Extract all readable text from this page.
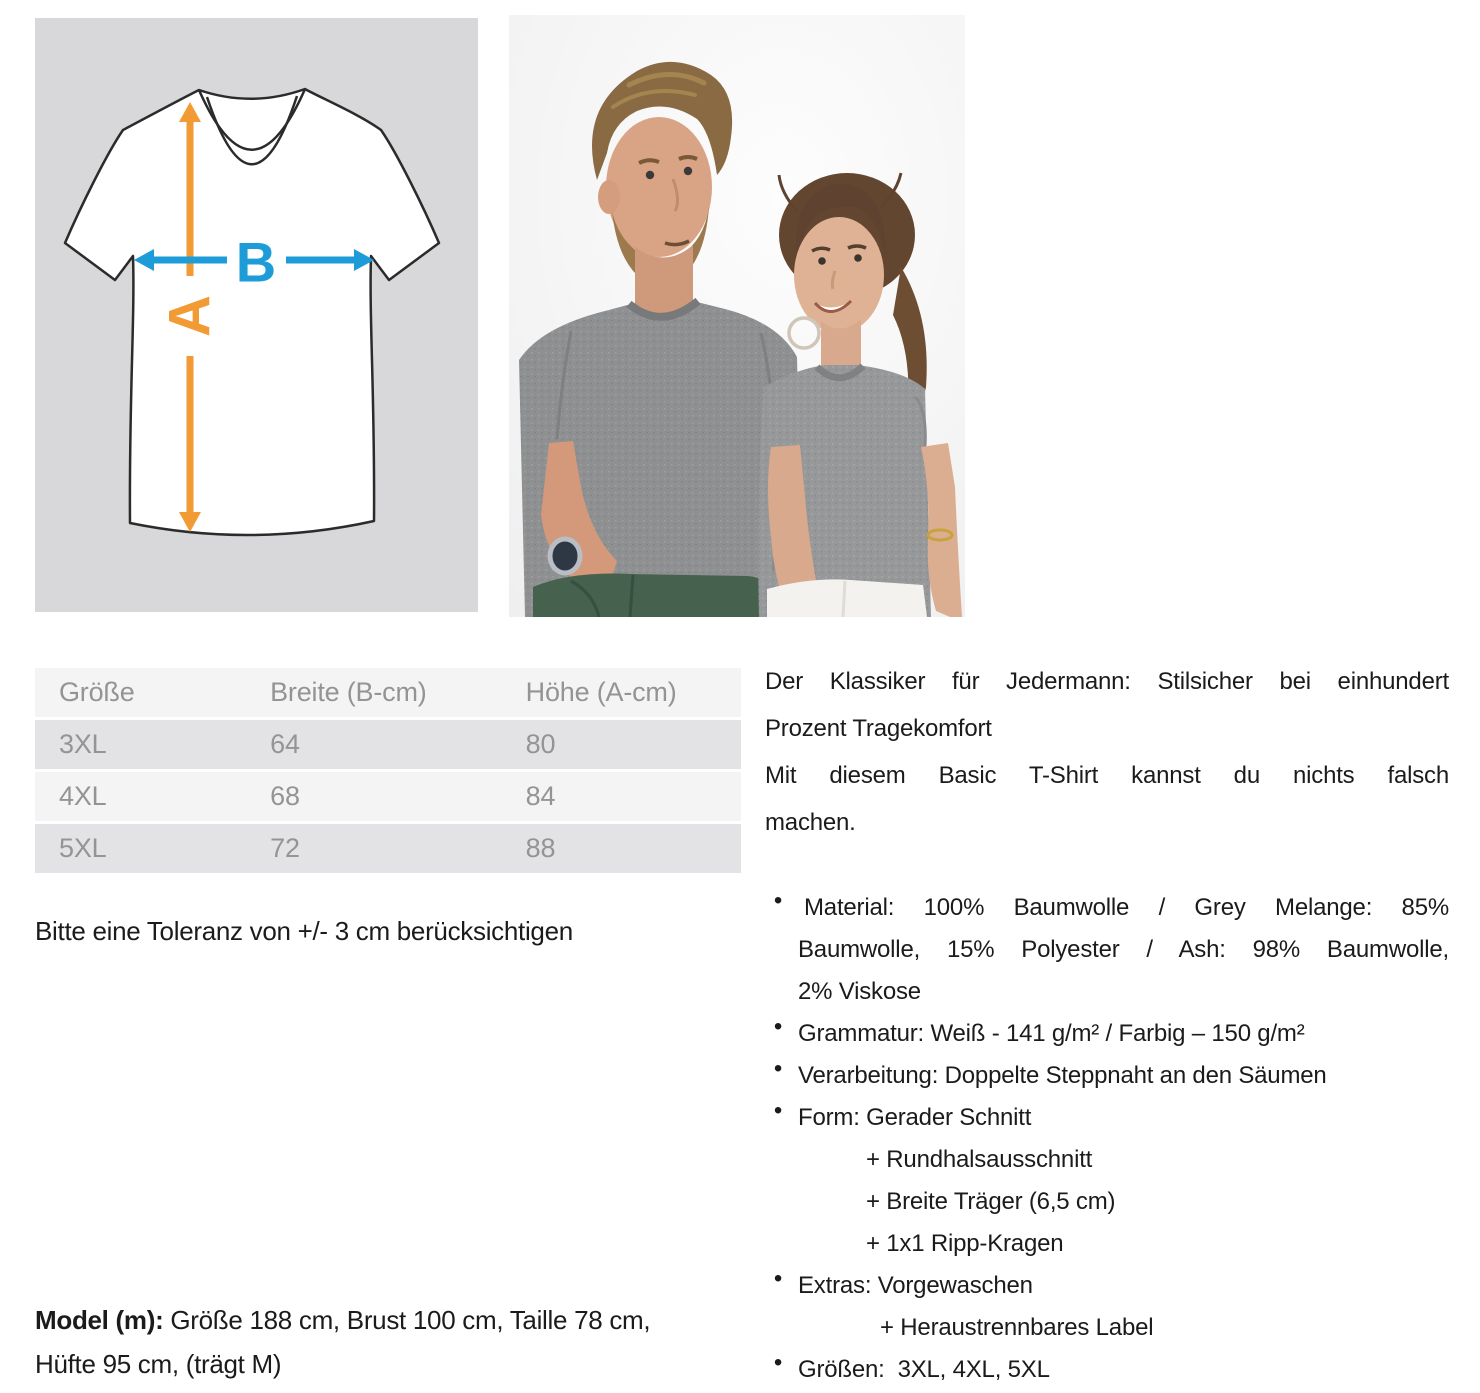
A
B
Größe	Breite (B-cm)	Höhe (A-cm)
3XL	64	80
4XL	68	84
5XL	72	88
Bitte eine Toleranz von +/- 3 cm berücksichtigen
Model (m): Größe 188 cm, Brust 100 cm, Taille 78 cm,
Hüfte 95 cm, (trägt M)
Der Klassiker für Jedermann: Stilsicher bei einhundert
Prozent Tragekomfort
Mit diesem Basic T-Shirt kannst du nichts falsch
machen.
• Material: 100% Baumwolle / Grey Melange: 85%
Baumwolle, 15% Polyester / Ash: 98% Baumwolle,
2% Viskose
• Grammatur: Weiß - 141 g/m² / Farbig – 150 g/m²
• Verarbeitung: Doppelte Steppnaht an den Säumen
• Form: Gerader Schnitt
+ Rundhalsausschnitt
+ Breite Träger (6,5 cm)
+ 1x1 Ripp-Kragen
• Extras: Vorgewaschen
+ Heraustrennbares Label
• Größen:  3XL, 4XL, 5XL
